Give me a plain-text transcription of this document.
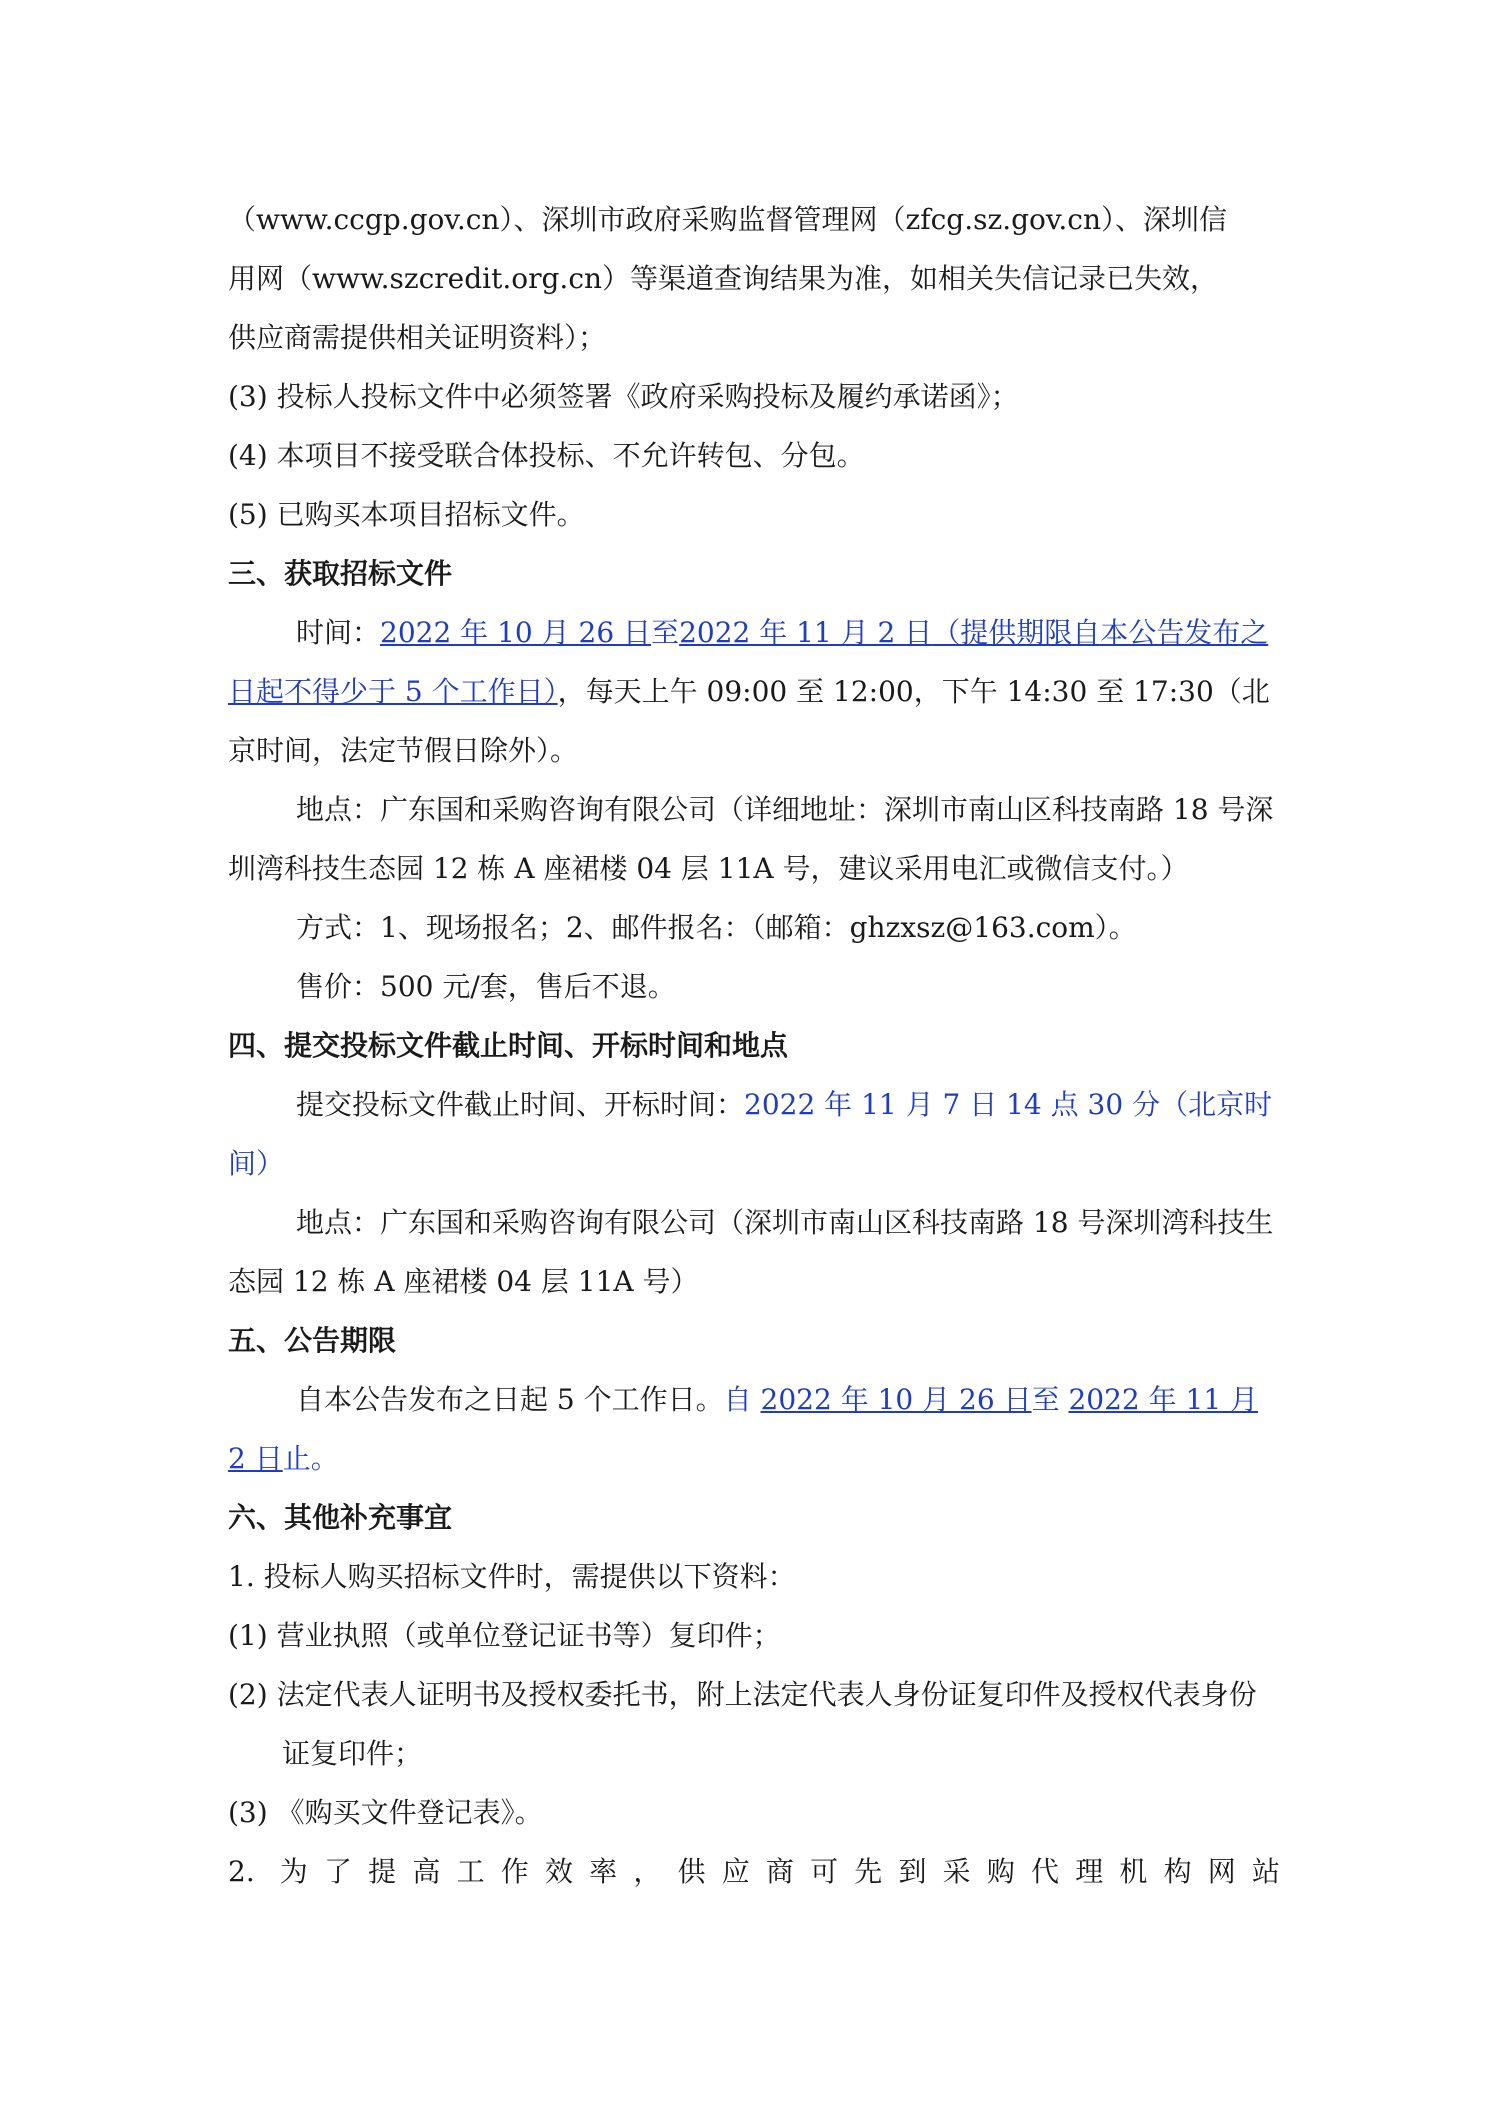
（www.ccgp.gov.cn）、深圳市政府采购监督管理网（zfcg.sz.gov.cn）、深圳信

用网（www.szcredit.org.cn）等渠道查询结果为准，如相关失信记录已失效，

供应商需提供相关证明资料）；

(3) 投标人投标文件中必须签署《政府采购投标及履约承诺函》；

(4) 本项目不接受联合体投标、不允许转包、分包。

(5) 已购买本项目招标文件。

三、获取招标文件

时间：2022 年 10 月 26 日至2022 年 11 月 2 日（提供期限自本公告发布之日起不得少于 5 个工作日），每天上午 09:00 至 12:00，下午 14:30 至 17:30（北京时间，法定节假日除外）。

地点：广东国和采购咨询有限公司（详细地址：深圳市南山区科技南路 18 号深圳湾科技生态园 12 栋 A 座裙楼 04 层 11A 号，建议采用电汇或微信支付。）

方式：1、现场报名；2、邮件报名：（邮箱：ghzxsz@163.com）。

售价：500 元/套，售后不退。

四、提交投标文件截止时间、开标时间和地点

提交投标文件截止时间、开标时间：2022 年 11 月 7 日 14 点 30 分（北京时间）

地点：广东国和采购咨询有限公司（深圳市南山区科技南路 18 号深圳湾科技生态园 12 栋 A 座裙楼 04 层 11A 号）

五、公告期限

自本公告发布之日起 5 个工作日。自 2022 年 10 月 26 日至 2022 年 11 月 2 日止。

六、其他补充事宜

1. 投标人购买招标文件时，需提供以下资料：

(1) 营业执照（或单位登记证书等）复印件；

(2) 法定代表人证明书及授权委托书，附上法定代表人身份证复印件及授权代表身份证复印件；

(3) 《购买文件登记表》。

2. 为了提高工作效率，供应商可先到采购代理机构网站
